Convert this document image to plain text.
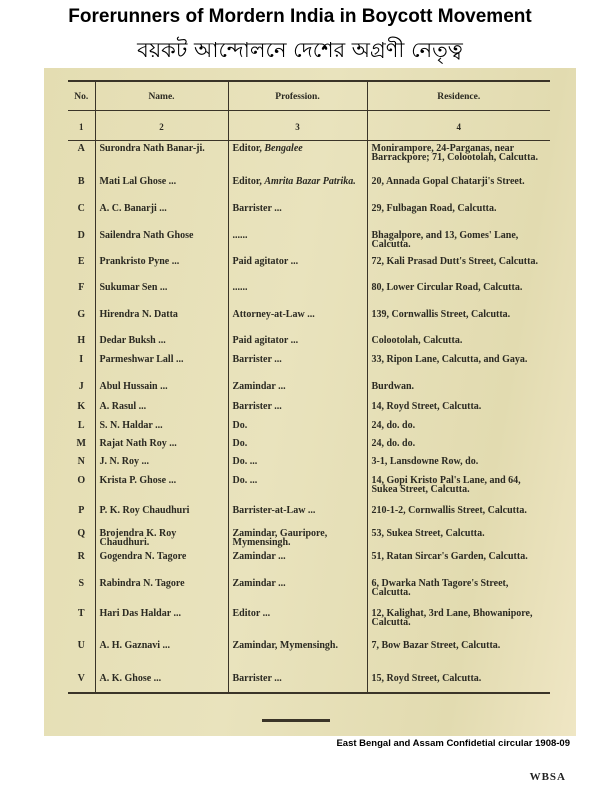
Forerunners of Mordern India in Boycott Movement
বয়কট আন্দোলনে দেশের অগ্রণী নেতৃত্ব
No.	Name.	Profession.	Residence.
1	2	3	4
A	Surondra Nath Banar-ji.	Editor, Bengalee	Monirampore, 24-Parganas, near Barrackpore; 71, Colootolah, Calcutta.
B	Mati Lal Ghose ...	Editor, Amrita Bazar Patrika.	20, Annada Gopal Chatarji's Street.
C	A. C. Banarji ...	Barrister ...	29, Fulbagan Road, Calcutta.
D	Sailendra Nath Ghose	......	Bhagalpore, and 13, Gomes' Lane, Calcutta.
E	Prankristo Pyne ...	Paid agitator ...	72, Kali Prasad Dutt's Street, Calcutta.
F	Sukumar Sen ...	......	80, Lower Circular Road, Calcutta.
G	Hirendra N. Datta	Attorney-at-Law ...	139, Cornwallis Street, Calcutta.
H	Dedar Buksh ...	Paid agitator ...	Colootolah, Calcutta.
I	Parmeshwar Lall ...	Barrister ...	33, Ripon Lane, Calcutta, and Gaya.
J	Abul Hussain ...	Zamindar ...	Burdwan.
K	A. Rasul ...	Barrister ...	14, Royd Street, Calcutta.
L	S. N. Haldar ...	Do.	24, do. do.
M	Rajat Nath Roy ...	Do.	24, do. do.
N	J. N. Roy ...	Do. ...	3-1, Lansdowne Row, do.
O	Krista P. Ghose ...	Do. ...	14, Gopi Kristo Pal's Lane, and 64, Sukea Street, Calcutta.
P	P. K. Roy Chaudhuri	Barrister-at-Law ...	210-1-2, Cornwallis Street, Calcutta.
Q	Brojendra K. Roy Chaudhuri.	Zamindar, Gauripore, Mymensingh.	53, Sukea Street, Calcutta.
R	Gogendra N. Tagore	Zamindar ...	51, Ratan Sircar's Garden, Calcutta.
S	Rabindra N. Tagore	Zamindar ...	6, Dwarka Nath Tagore's Street, Calcutta.
T	Hari Das Haldar ...	Editor ...	12, Kalighat, 3rd Lane, Bhowanipore, Calcutta.
U	A. H. Gaznavi ...	Zamindar, Mymensingh.	7, Bow Bazar Street, Calcutta.
V	A. K. Ghose ...	Barrister ...	15, Royd Street, Calcutta.
East Bengal and Assam Confidetial circular 1908-09
WBSA
